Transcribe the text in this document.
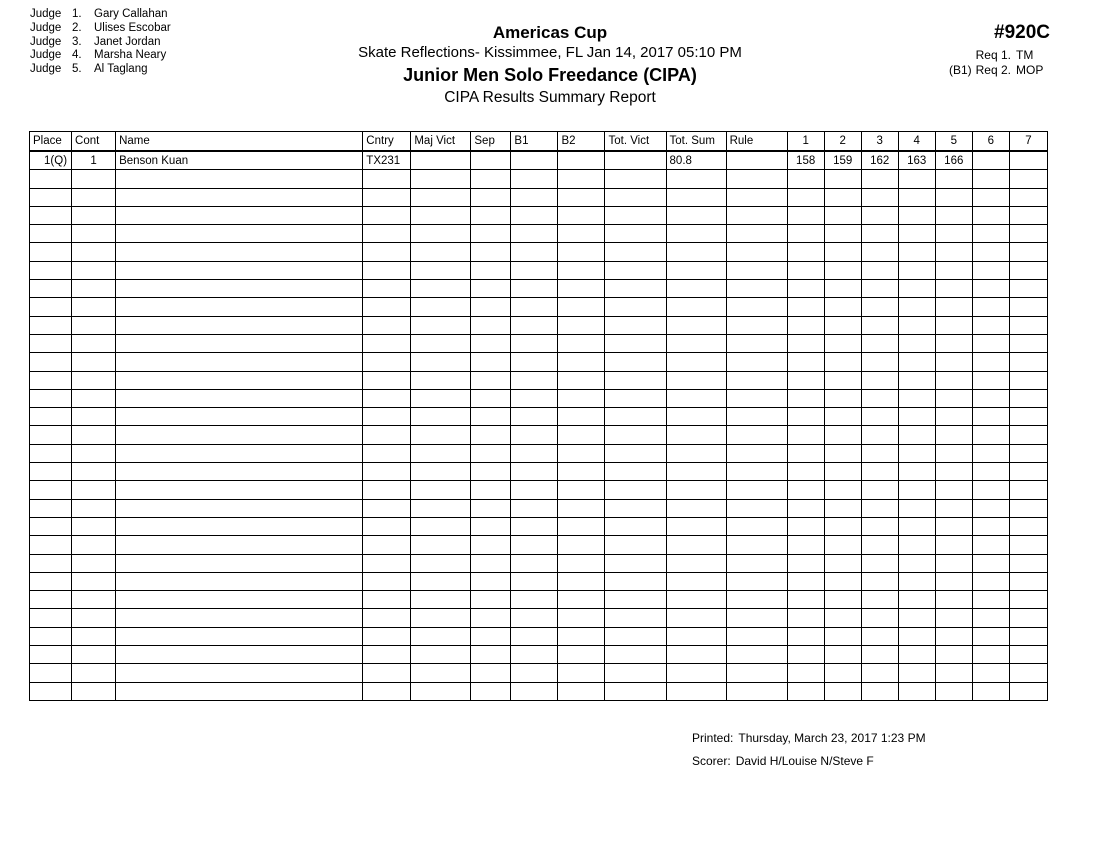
Judge 1. Gary Callahan
Judge 2. Ulises Escobar
Judge 3. Janet Jordan
Judge 4. Marsha Neary
Judge 5. Al Taglang
Americas Cup
Skate Reflections- Kissimmee, FL Jan 14, 2017 05:10 PM
Junior Men Solo Freedance (CIPA)
CIPA Results Summary Report
#920C
Req 1. TM
(B1) Req 2. MOP
Place	Cont	Name	Cntry	Maj Vict	Sep	B1	B2	Tot. Vict	Tot. Sum	Rule	1	2	3	4	5	6	7
1(Q)	1	Benson Kuan	TX231						80.8		158	159	162	163	166		

Printed: Thursday, March 23, 2017 1:23 PM
Scorer: David H/Louise N/Steve F
